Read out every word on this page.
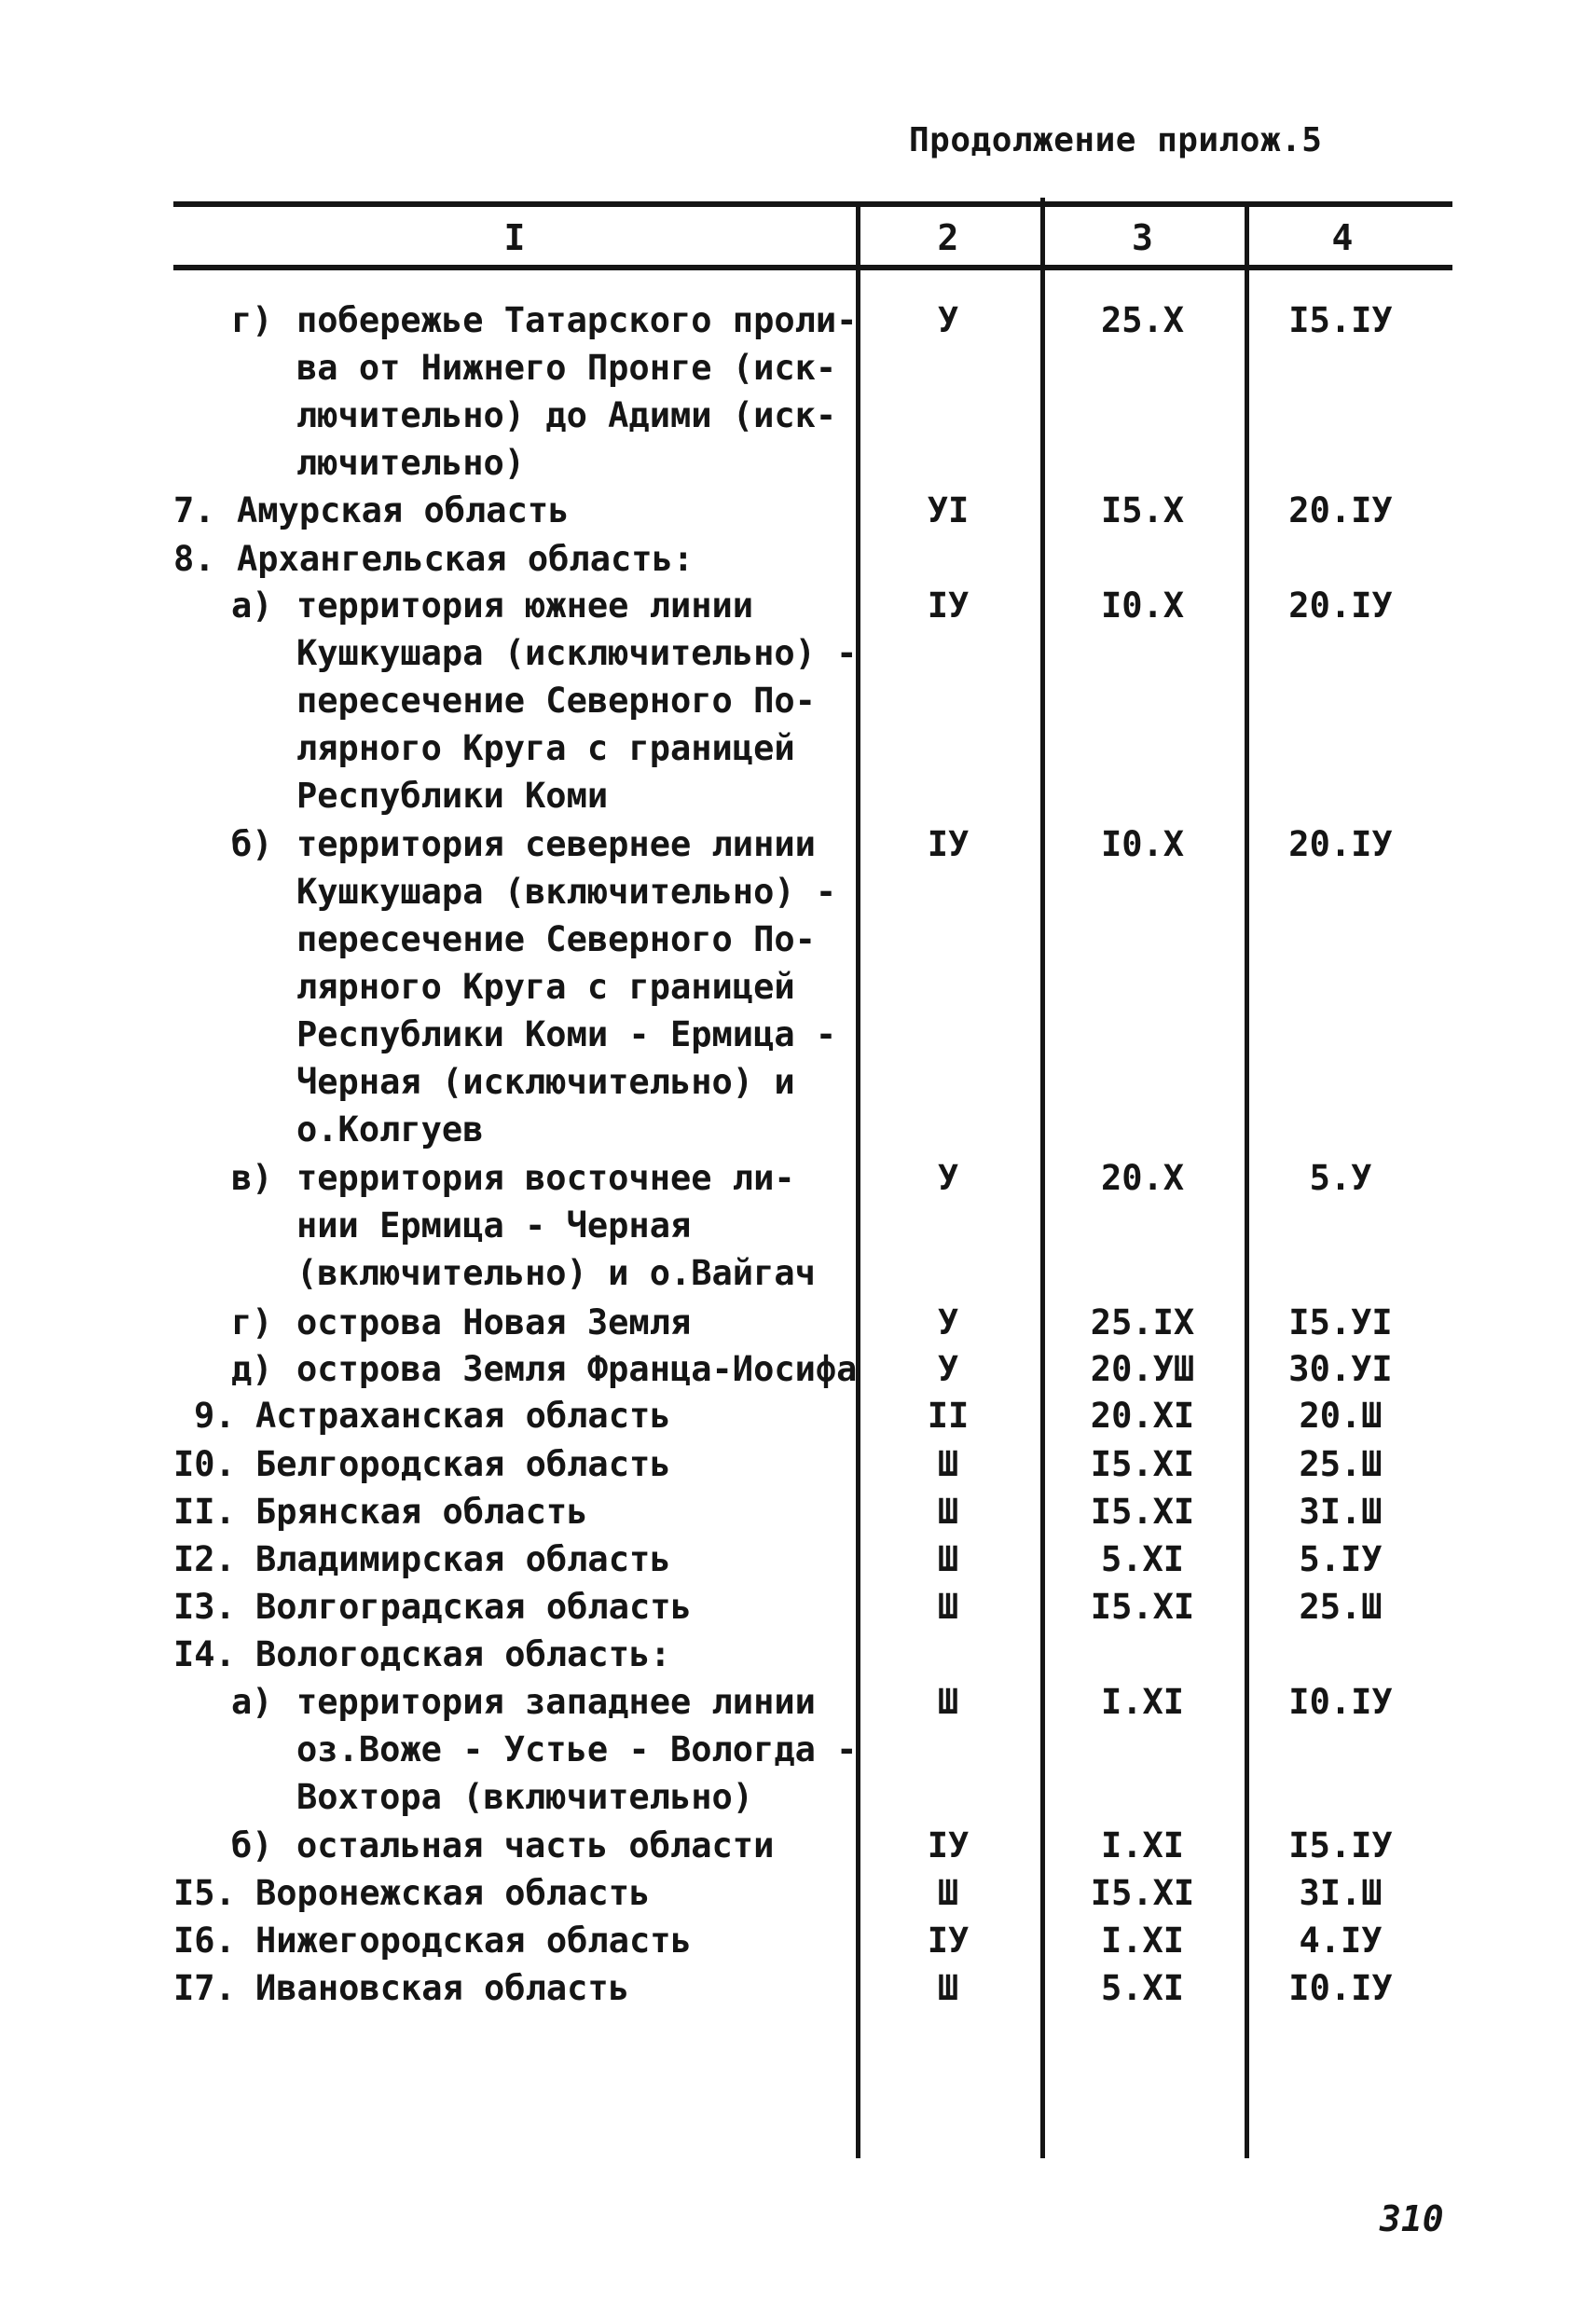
Продолжение прилож.5
I	2	3	4
г) побережье Татарского проли-
ва от Нижнего Пронге (иск-
лючительно) до Адими (иск-
лючительно)
У	25.X	I5.IУ
7. Амурская область	УI	I5.X	20.IУ
8. Архангельская область:
а) территория южнее линии
Кушкушара (исключительно) -
пересечение Северного По-
лярного Круга с границей
Республики Коми
IУ	I0.X	20.IУ
б) территория севернее линии
Кушкушара (включительно) -
пересечение Северного По-
лярного Круга с границей
Республики Коми - Ермица -
Черная (исключительно) и
о.Колгуев
IУ	I0.X	20.IУ
в) территория восточнее ли-
нии Ермица - Черная
(включительно) и о.Вайгач
У	20.X	5.У
г) острова Новая Земля	У	25.IX	I5.УI
д) острова Земля Франца-Иосифа	У	20.УШ	30.УI
9. Астраханская область	II	20.XI	20.Ш
I0. Белгородская область	Ш	I5.XI	25.Ш
II. Брянская область	Ш	I5.XI	3I.Ш
I2. Владимирская область	Ш	5.XI	5.IУ
I3. Волгоградская область	Ш	I5.XI	25.Ш
I4. Вологодская область:
а) территория западнее линии
оз.Воже - Устье - Вологда -
Вохтора (включительно)
Ш	I.XI	I0.IУ
б) остальная часть области	IУ	I.XI	I5.IУ
I5. Воронежская область	Ш	I5.XI	3I.Ш
I6. Нижегородская область	IУ	I.XI	4.IУ
I7. Ивановская область	Ш	5.XI	I0.IУ
310
